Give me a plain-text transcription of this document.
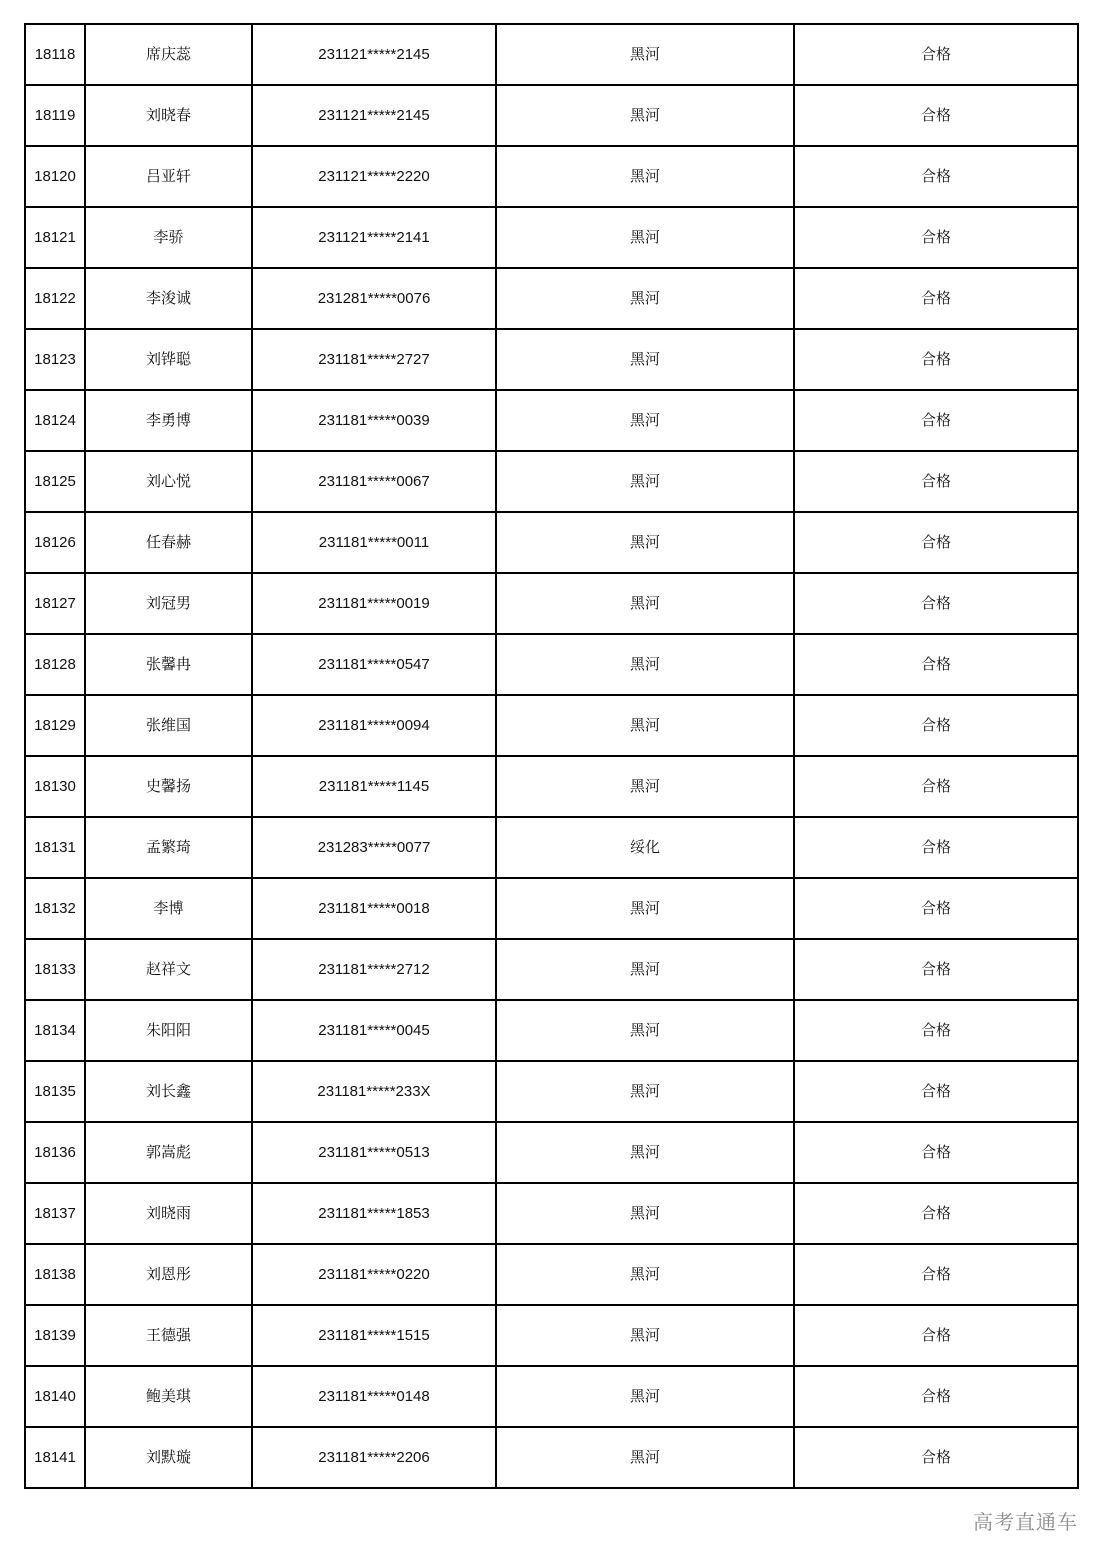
18118	席庆蕊	231121*****2145	黑河	合格
18119	刘晓春	231121*****2145	黑河	合格
18120	吕亚轩	231121*****2220	黑河	合格
18121	李骄	231121*****2141	黑河	合格
18122	李浚诚	231281*****0076	黑河	合格
18123	刘铧聪	231181*****2727	黑河	合格
18124	李勇博	231181*****0039	黑河	合格
18125	刘心悦	231181*****0067	黑河	合格
18126	任春赫	231181*****0011	黑河	合格
18127	刘冠男	231181*****0019	黑河	合格
18128	张馨冉	231181*****0547	黑河	合格
18129	张维国	231181*****0094	黑河	合格
18130	史馨扬	231181*****1145	黑河	合格
18131	孟繁琦	231283*****0077	绥化	合格
18132	李博	231181*****0018	黑河	合格
18133	赵祥文	231181*****2712	黑河	合格
18134	朱阳阳	231181*****0045	黑河	合格
18135	刘长鑫	231181*****233X	黑河	合格
18136	郭嵩彪	231181*****0513	黑河	合格
18137	刘晓雨	231181*****1853	黑河	合格
18138	刘恩彤	231181*****0220	黑河	合格
18139	王德强	231181*****1515	黑河	合格
18140	鲍美琪	231181*****0148	黑河	合格
18141	刘默璇	231181*****2206	黑河	合格
高考直通车
